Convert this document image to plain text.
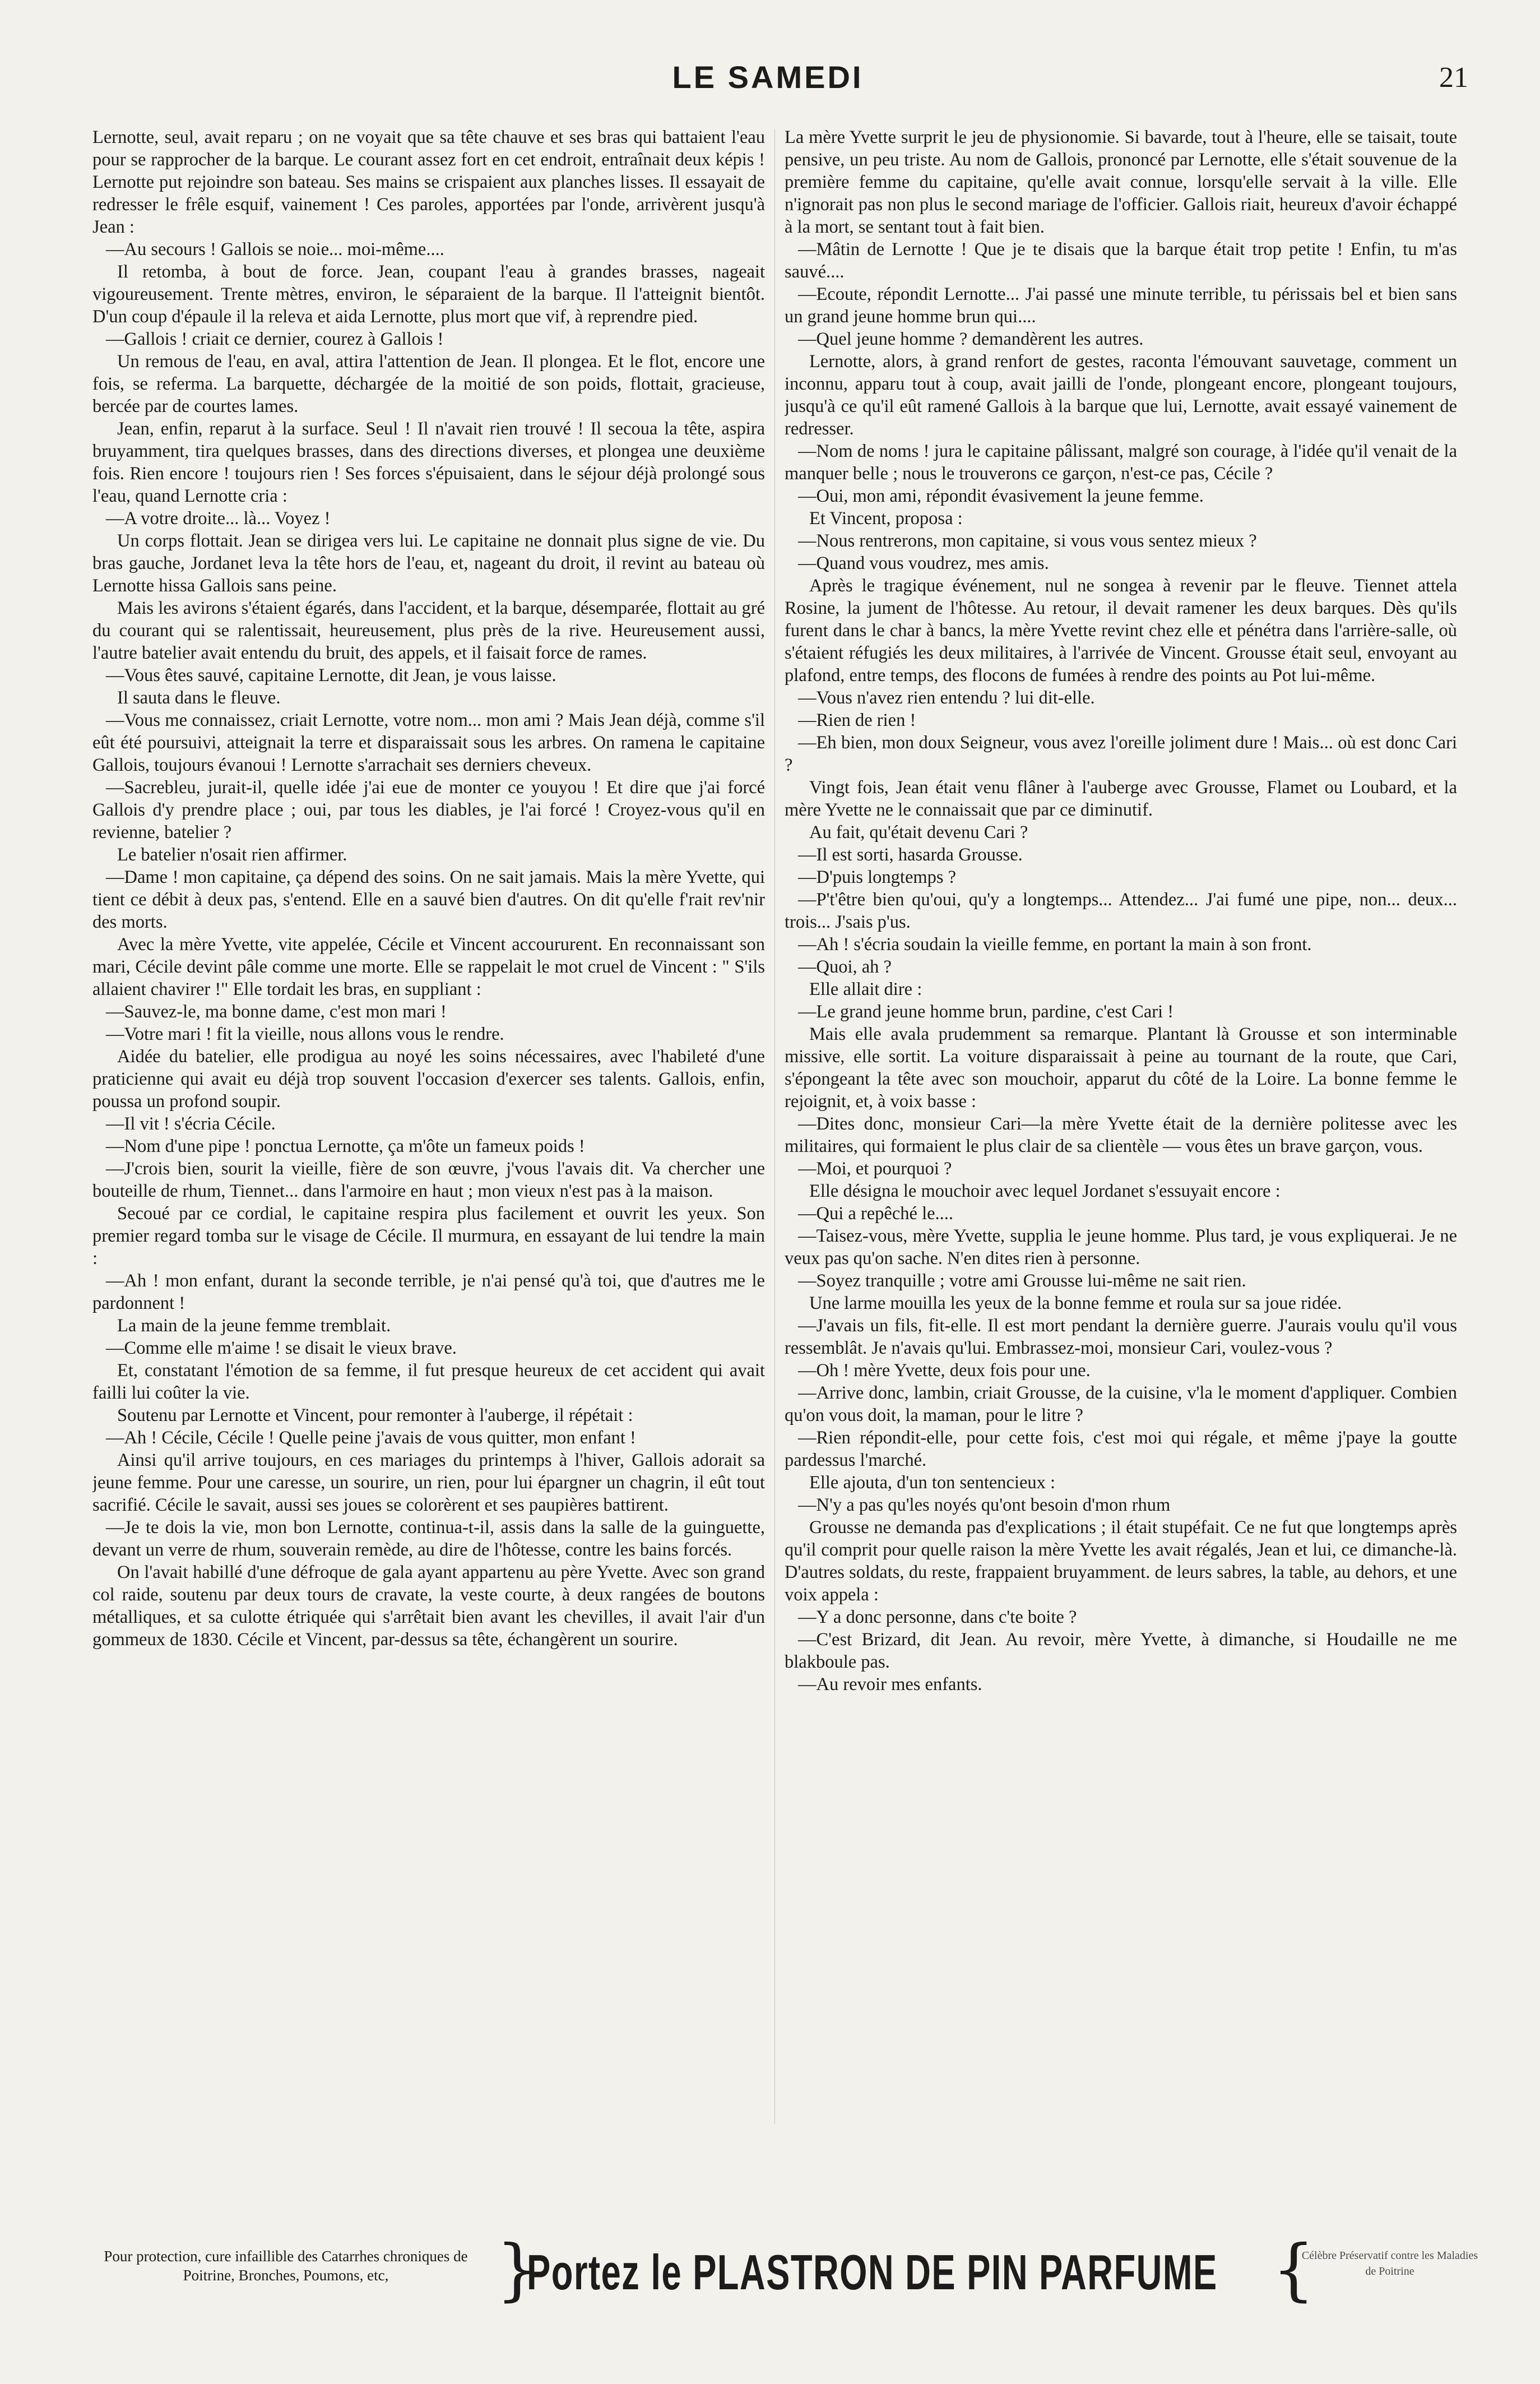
LE SAMEDI	21

Lernotte, seul, avait reparu ; on ne voyait que sa tête chauve et ses bras qui battaient l'eau pour se rapprocher de la barque. Le courant assez fort en cet endroit, entraînait deux képis ! Lernotte put rejoindre son bateau. Ses mains se crispaient aux planches lisses. Il essayait de redresser le frêle esquif, vainement ! Ces paroles, apportées par l'onde, arrivèrent jusqu'à Jean :

—Au secours ! Gallois se noie... moi-même....

Il retomba, à bout de force. Jean, coupant l'eau à grandes brasses, nageait vigoureusement. Trente mètres, environ, le séparaient de la barque. Il l'atteignit bientôt. D'un coup d'épaule il la releva et aida Lernotte, plus mort que vif, à reprendre pied.

—Gallois ! criait ce dernier, courez à Gallois !

Un remous de l'eau, en aval, attira l'attention de Jean. Il plongea. Et le flot, encore une fois, se referma. La barquette, déchargée de la moitié de son poids, flottait, gracieuse, bercée par de courtes lames.

Jean, enfin, reparut à la surface. Seul ! Il n'avait rien trouvé ! Il secoua la tête, aspira bruyamment, tira quelques brasses, dans des directions diverses, et plongea une deuxième fois. Rien encore ! toujours rien ! Ses forces s'épuisaient, dans le séjour déjà prolongé sous l'eau, quand Lernotte cria :

—A votre droite... là... Voyez !

Un corps flottait. Jean se dirigea vers lui. Le capitaine ne donnait plus signe de vie. Du bras gauche, Jordanet leva la tête hors de l'eau, et, nageant du droit, il revint au bateau où Lernotte hissa Gallois sans peine.

Mais les avirons s'étaient égarés, dans l'accident, et la barque, désemparée, flottait au gré du courant qui se ralentissait, heureusement, plus près de la rive. Heureusement aussi, l'autre batelier avait entendu du bruit, des appels, et il faisait force de rames.

—Vous êtes sauvé, capitaine Lernotte, dit Jean, je vous laisse.

Il sauta dans le fleuve.

—Vous me connaissez, criait Lernotte, votre nom... mon ami ? Mais Jean déjà, comme s'il eût été poursuivi, atteignait la terre et disparaissait sous les arbres. On ramena le capitaine Gallois, toujours évanoui ! Lernotte s'arrachait ses derniers cheveux.

—Sacrebleu, jurait-il, quelle idée j'ai eue de monter ce youyou ! Et dire que j'ai forcé Gallois d'y prendre place ; oui, par tous les diables, je l'ai forcé ! Croyez-vous qu'il en revienne, batelier ?

Le batelier n'osait rien affirmer.

—Dame ! mon capitaine, ça dépend des soins. On ne sait jamais. Mais la mère Yvette, qui tient ce débit à deux pas, s'entend. Elle en a sauvé bien d'autres. On dit qu'elle f'rait rev'nir des morts.

Avec la mère Yvette, vite appelée, Cécile et Vincent accoururent. En reconnaissant son mari, Cécile devint pâle comme une morte. Elle se rappelait le mot cruel de Vincent : " S'ils allaient chavirer !" Elle tordait les bras, en suppliant :

—Sauvez-le, ma bonne dame, c'est mon mari !

—Votre mari ! fit la vieille, nous allons vous le rendre.

Aidée du batelier, elle prodigua au noyé les soins nécessaires, avec l'habileté d'une praticienne qui avait eu déjà trop souvent l'occasion d'exercer ses talents. Gallois, enfin, poussa un profond soupir.

—Il vit ! s'écria Cécile.

—Nom d'une pipe ! ponctua Lernotte, ça m'ôte un fameux poids !

—J'crois bien, sourit la vieille, fière de son œuvre, j'vous l'avais dit. Va chercher une bouteille de rhum, Tiennet... dans l'armoire en haut ; mon vieux n'est pas à la maison.

Secoué par ce cordial, le capitaine respira plus facilement et ouvrit les yeux. Son premier regard tomba sur le visage de Cécile. Il murmura, en essayant de lui tendre la main :

—Ah ! mon enfant, durant la seconde terrible, je n'ai pensé qu'à toi, que d'autres me le pardonnent !

La main de la jeune femme tremblait.

—Comme elle m'aime ! se disait le vieux brave.

Et, constatant l'émotion de sa femme, il fut presque heureux de cet accident qui avait failli lui coûter la vie.

Soutenu par Lernotte et Vincent, pour remonter à l'auberge, il répétait :

—Ah ! Cécile, Cécile ! Quelle peine j'avais de vous quitter, mon enfant !

Ainsi qu'il arrive toujours, en ces mariages du printemps à l'hiver, Gallois adorait sa jeune femme. Pour une caresse, un sourire, un rien, pour lui épargner un chagrin, il eût tout sacrifié. Cécile le savait, aussi ses joues se colorèrent et ses paupières battirent.

—Je te dois la vie, mon bon Lernotte, continua-t-il, assis dans la salle de la guinguette, devant un verre de rhum, souverain remède, au dire de l'hôtesse, contre les bains forcés.

On l'avait habillé d'une défroque de gala ayant appartenu au père Yvette. Avec son grand col raide, soutenu par deux tours de cravate, la veste courte, à deux rangées de boutons métalliques, et sa culotte étriquée qui s'arrêtait bien avant les chevilles, il avait l'air d'un gommeux de 1830. Cécile et Vincent, par-dessus sa tête, échangèrent un sourire.

La mère Yvette surprit le jeu de physionomie. Si bavarde, tout à l'heure, elle se taisait, toute pensive, un peu triste. Au nom de Gallois, prononcé par Lernotte, elle s'était souvenue de la première femme du capitaine, qu'elle avait connue, lorsqu'elle servait à la ville. Elle n'ignorait pas non plus le second mariage de l'officier. Gallois riait, heureux d'avoir échappé à la mort, se sentant tout à fait bien.

—Mâtin de Lernotte ! Que je te disais que la barque était trop petite ! Enfin, tu m'as sauvé....

—Ecoute, répondit Lernotte... J'ai passé une minute terrible, tu périssais bel et bien sans un grand jeune homme brun qui....

—Quel jeune homme ? demandèrent les autres.

Lernotte, alors, à grand renfort de gestes, raconta l'émouvant sauvetage, comment un inconnu, apparu tout à coup, avait jailli de l'onde, plongeant encore, plongeant toujours, jusqu'à ce qu'il eût ramené Gallois à la barque que lui, Lernotte, avait essayé vainement de redresser.

—Nom de noms ! jura le capitaine pâlissant, malgré son courage, à l'idée qu'il venait de la manquer belle ; nous le trouverons ce garçon, n'est-ce pas, Cécile ?

—Oui, mon ami, répondit évasivement la jeune femme.

Et Vincent, proposa :

—Nous rentrerons, mon capitaine, si vous vous sentez mieux ?

—Quand vous voudrez, mes amis.

Après le tragique événement, nul ne songea à revenir par le fleuve. Tiennet attela Rosine, la jument de l'hôtesse. Au retour, il devait ramener les deux barques. Dès qu'ils furent dans le char à bancs, la mère Yvette revint chez elle et pénétra dans l'arrière-salle, où s'étaient réfugiés les deux militaires, à l'arrivée de Vincent. Grousse était seul, envoyant au plafond, entre temps, des flocons de fumées à rendre des points au Pot lui-même.

—Vous n'avez rien entendu ? lui dit-elle.

—Rien de rien !

—Eh bien, mon doux Seigneur, vous avez l'oreille joliment dure ! Mais... où est donc Cari ?

Vingt fois, Jean était venu flâner à l'auberge avec Grousse, Flamet ou Loubard, et la mère Yvette ne le connaissait que par ce diminutif.

Au fait, qu'était devenu Cari ?

—Il est sorti, hasarda Grousse.

—D'puis longtemps ?

—P't'être bien qu'oui, qu'y a longtemps... Attendez... J'ai fumé une pipe, non... deux... trois... J'sais p'us.

—Ah ! s'écria soudain la vieille femme, en portant la main à son front.

—Quoi, ah ?

Elle allait dire :

—Le grand jeune homme brun, pardine, c'est Cari !

Mais elle avala prudemment sa remarque. Plantant là Grousse et son interminable missive, elle sortit. La voiture disparaissait à peine au tournant de la route, que Cari, s'épongeant la tête avec son mouchoir, apparut du côté de la Loire. La bonne femme le rejoignit, et, à voix basse :

—Dites donc, monsieur Cari—la mère Yvette était de la dernière politesse avec les militaires, qui formaient le plus clair de sa clientèle — vous êtes un brave garçon, vous.

—Moi, et pourquoi ?

Elle désigna le mouchoir avec lequel Jordanet s'essuyait encore :

—Qui a repêché le....

—Taisez-vous, mère Yvette, supplia le jeune homme. Plus tard, je vous expliquerai. Je ne veux pas qu'on sache. N'en dites rien à personne.

—Soyez tranquille ; votre ami Grousse lui-même ne sait rien.

Une larme mouilla les yeux de la bonne femme et roula sur sa joue ridée.

—J'avais un fils, fit-elle. Il est mort pendant la dernière guerre. J'aurais voulu qu'il vous ressemblât. Je n'avais qu'lui. Embrassez-moi, monsieur Cari, voulez-vous ?

—Oh ! mère Yvette, deux fois pour une.

—Arrive donc, lambin, criait Grousse, de la cuisine, v'la le moment d'appliquer. Combien qu'on vous doit, la maman, pour le litre ?

—Rien répondit-elle, pour cette fois, c'est moi qui régale, et même j'paye la goutte pardessus l'marché.

Elle ajouta, d'un ton sentencieux :

—N'y a pas qu'les noyés qu'ont besoin d'mon rhum

Grousse ne demanda pas d'explications ; il était stupéfait. Ce ne fut que longtemps après qu'il comprit pour quelle raison la mère Yvette les avait régalés, Jean et lui, ce dimanche-là. D'autres soldats, du reste, frappaient bruyamment. de leurs sabres, la table, au dehors, et une voix appela :

—Y a donc personne, dans c'te boite ?

—C'est Brizard, dit Jean. Au revoir, mère Yvette, à dimanche, si Houdaille ne me blakboule pas.

—Au revoir mes enfants.

Pour protection, cure infaillible des Catarrhes chroniques de Poitrine, Bronches, Poumons, etc,	}
Portez le PLASTRON DE PIN PARFUME {
Célèbre Préservatif contre les Maladies de Poitrine
